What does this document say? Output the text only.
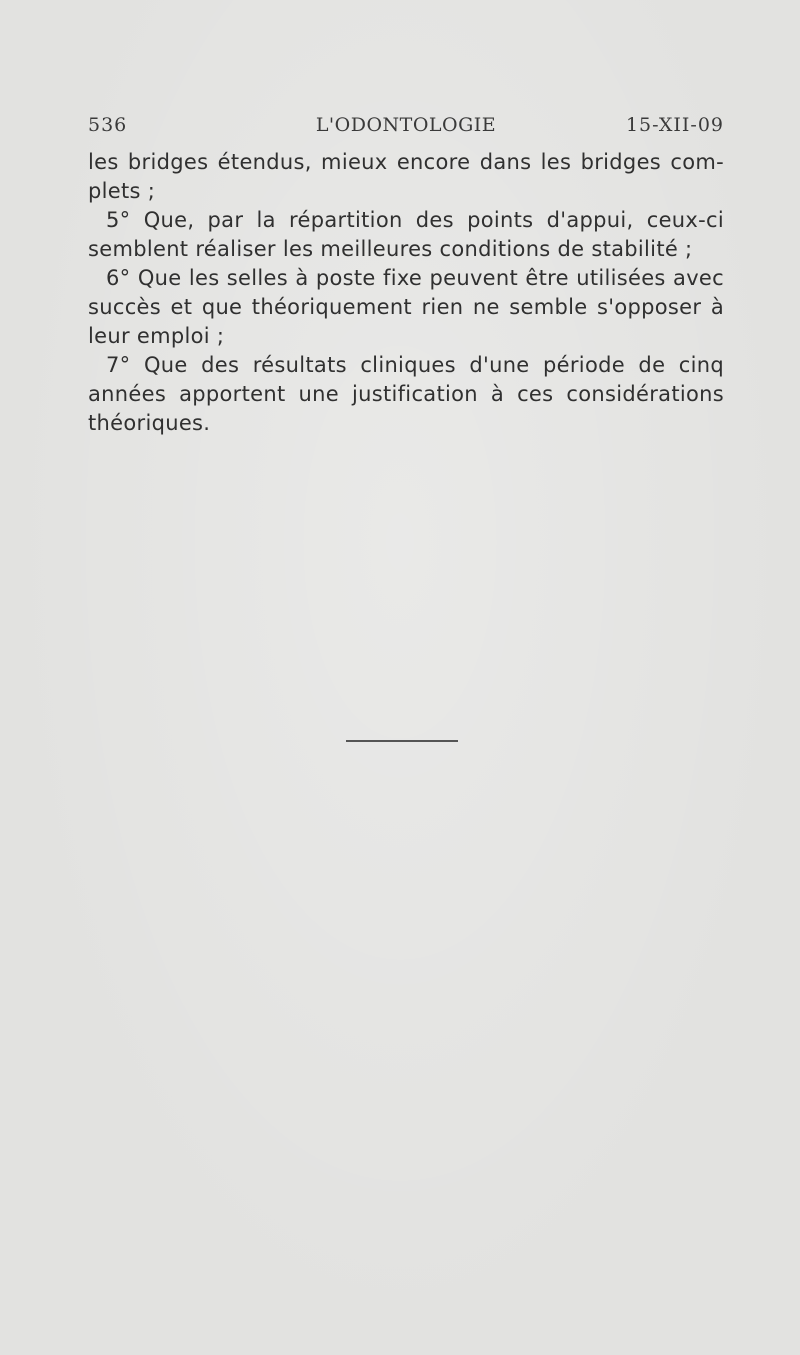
L'ODONTOLOGIE
536	15-XII-09

les bridges étendus, mieux encore dans les bridges com-plets ;

5° Que, par la répartition des points d'appui, ceux-ci semblent réaliser les meilleures conditions de stabilité ;

6° Que les selles à poste fixe peuvent être utilisées avec succès et que théoriquement rien ne semble s'opposer à leur emploi ;

7° Que des résultats cliniques d'une période de cinq années apportent une justification à ces considérations théoriques.
